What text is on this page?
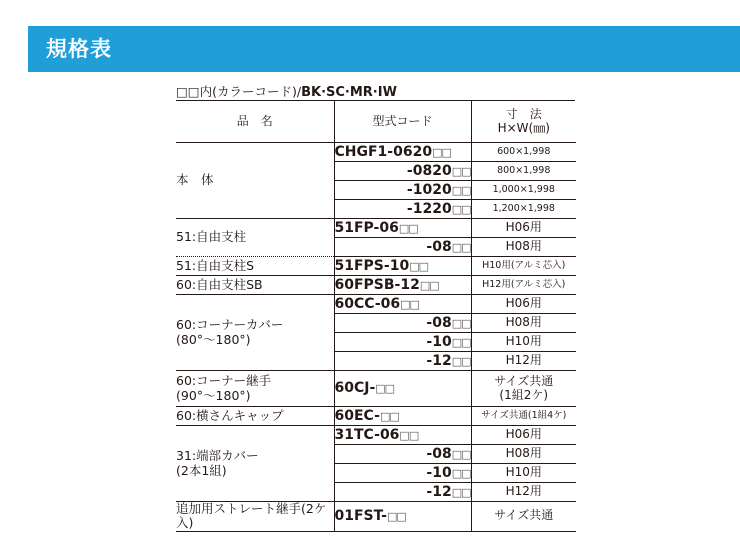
規格表
□□内(カラーコード)/BK·SC·MR·IW
品　名	型式コード	寸　法
H×W(㎜)
本　体	CHGF1-0620□□	600×1,998
	-0820□□	800×1,998
	-1020□□	1,000×1,998
	-1220□□	1,200×1,998
51:自由支柱	51FP-06□□	H06用
	-08□□	H08用
51:自由支柱S	51FPS-10□□	H10用(アルミ芯入)
60:自由支柱SB	60FPSB-12□□	H12用(アルミ芯入)
60:コーナーカバー
(80°〜180°)	60CC-06□□	H06用
	-08□□	H08用
	-10□□	H10用
	-12□□	H12用
60:コーナー継手
(90°〜180°)	60CJ-□□	サイズ共通
(1組2ケ)
60:横さんキャップ	60EC-□□	サイズ共通(1組4ケ)
31:端部カバー
(2本1組)	31TC-06□□	H06用
	-08□□	H08用
	-10□□	H10用
	-12□□	H12用
追加用ストレート継手(2ケ入)	01FST-□□	サイズ共通
